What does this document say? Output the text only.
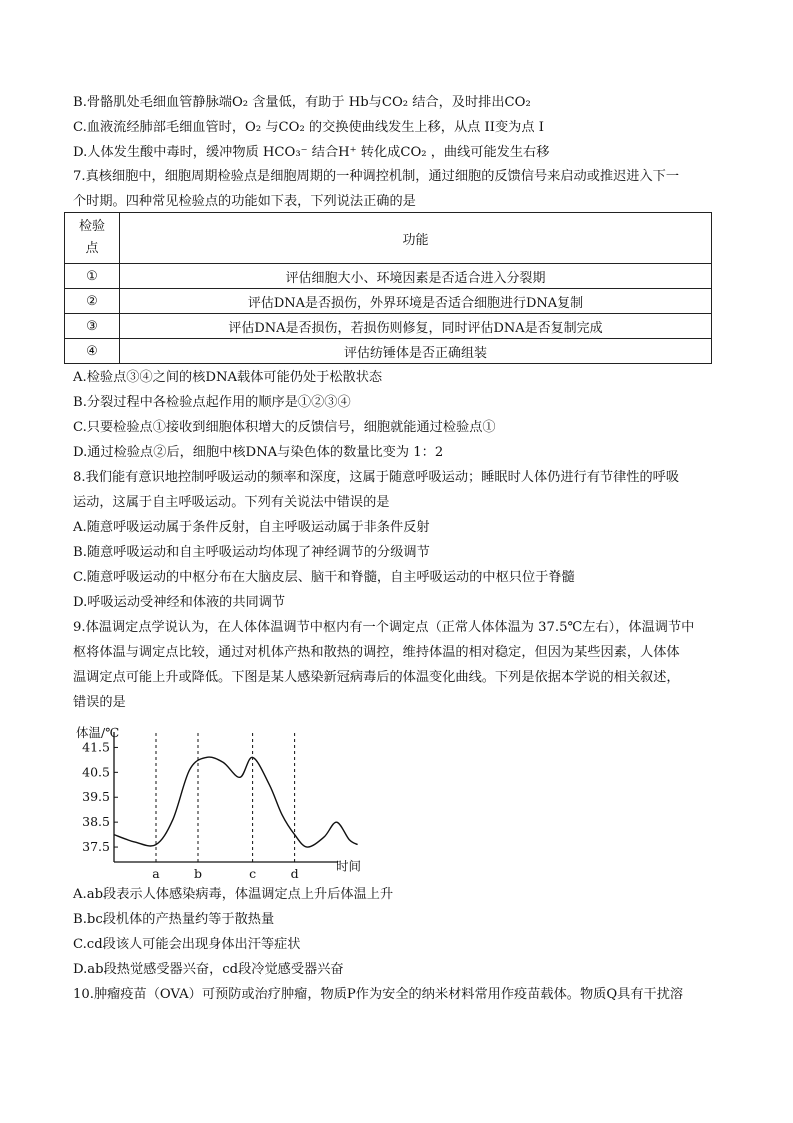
B.骨骼肌处毛细血管静脉端O₂ 含量低，有助于 Hb与CO₂ 结合，及时排出CO₂
C.血液流经肺部毛细血管时，O₂ 与CO₂ 的交换使曲线发生上移，从点 II变为点 I
D.人体发生酸中毒时，缓冲物质 HCO₃⁻ 结合H⁺ 转化成CO₂ ，曲线可能发生右移
7.真核细胞中，细胞周期检验点是细胞周期的一种调控机制，通过细胞的反馈信号来启动或推迟进入下一
个时期。四种常见检验点的功能如下表，下列说法正确的是
检验点	功能
①	评估细胞大小、环境因素是否适合进入分裂期
②	评估DNA是否损伤，外界环境是否适合细胞进行DNA复制
③	评估DNA是否损伤，若损伤则修复，同时评估DNA是否复制完成
④	评估纺锤体是否正确组装
A.检验点③④之间的核DNA载体可能仍处于松散状态
B.分裂过程中各检验点起作用的顺序是①②③④
C.只要检验点①接收到细胞体积增大的反馈信号，细胞就能通过检验点①
D.通过检验点②后，细胞中核DNA与染色体的数量比变为 1：2
8.我们能有意识地控制呼吸运动的频率和深度，这属于随意呼吸运动；睡眠时人体仍进行有节律性的呼吸
运动，这属于自主呼吸运动。下列有关说法中错误的是
A.随意呼吸运动属于条件反射，自主呼吸运动属于非条件反射
B.随意呼吸运动和自主呼吸运动均体现了神经调节的分级调节
C.随意呼吸运动的中枢分布在大脑皮层、脑干和脊髓，自主呼吸运动的中枢只位于脊髓
D.呼吸运动受神经和体液的共同调节
9.体温调定点学说认为，在人体体温调节中枢内有一个调定点（正常人体体温为 37.5℃左右），体温调节中
枢将体温与调定点比较，通过对机体产热和散热的调控，维持体温的相对稳定，但因为某些因素，人体体
温调定点可能上升或降低。下图是某人感染新冠病毒后的体温变化曲线。下列是依据本学说的相关叙述，
错误的是
体温/℃
时间
41.5
40.5
39.5
38.5
37.5
a	b	c	d
A.ab段表示人体感染病毒，体温调定点上升后体温上升
B.bc段机体的产热量约等于散热量
C.cd段该人可能会出现身体出汗等症状
D.ab段热觉感受器兴奋，cd段冷觉感受器兴奋
10.肿瘤疫苗（OVA）可预防或治疗肿瘤，物质P作为安全的纳米材料常用作疫苗载体。物质Q具有干扰溶
